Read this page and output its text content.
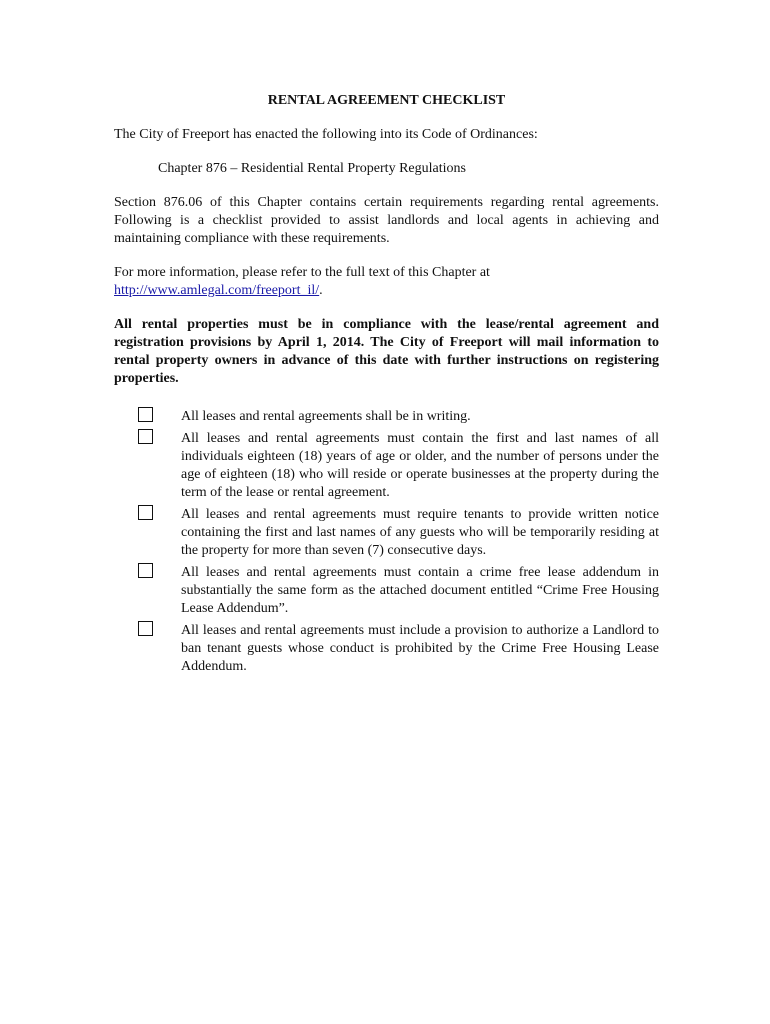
RENTAL AGREEMENT CHECKLIST
The City of Freeport has enacted the following into its Code of Ordinances:
Chapter 876 – Residential Rental Property Regulations
Section 876.06 of this Chapter contains certain requirements regarding rental agreements. Following is a checklist provided to assist landlords and local agents in achieving and maintaining compliance with these requirements.
For more information, please refer to the full text of this Chapter at
http://www.amlegal.com/freeport_il/.
All rental properties must be in compliance with the lease/rental agreement and registration provisions by April 1, 2014. The City of Freeport will mail information to rental property owners in advance of this date with further instructions on registering properties.
All leases and rental agreements shall be in writing.
All leases and rental agreements must contain the first and last names of all individuals eighteen (18) years of age or older, and the number of persons under the age of eighteen (18) who will reside or operate businesses at the property during the term of the lease or rental agreement.
All leases and rental agreements must require tenants to provide written notice containing the first and last names of any guests who will be temporarily residing at the property for more than seven (7) consecutive days.
All leases and rental agreements must contain a crime free lease addendum in substantially the same form as the attached document entitled “Crime Free Housing Lease Addendum”.
All leases and rental agreements must include a provision to authorize a Landlord to ban tenant guests whose conduct is prohibited by the Crime Free Housing Lease Addendum.
